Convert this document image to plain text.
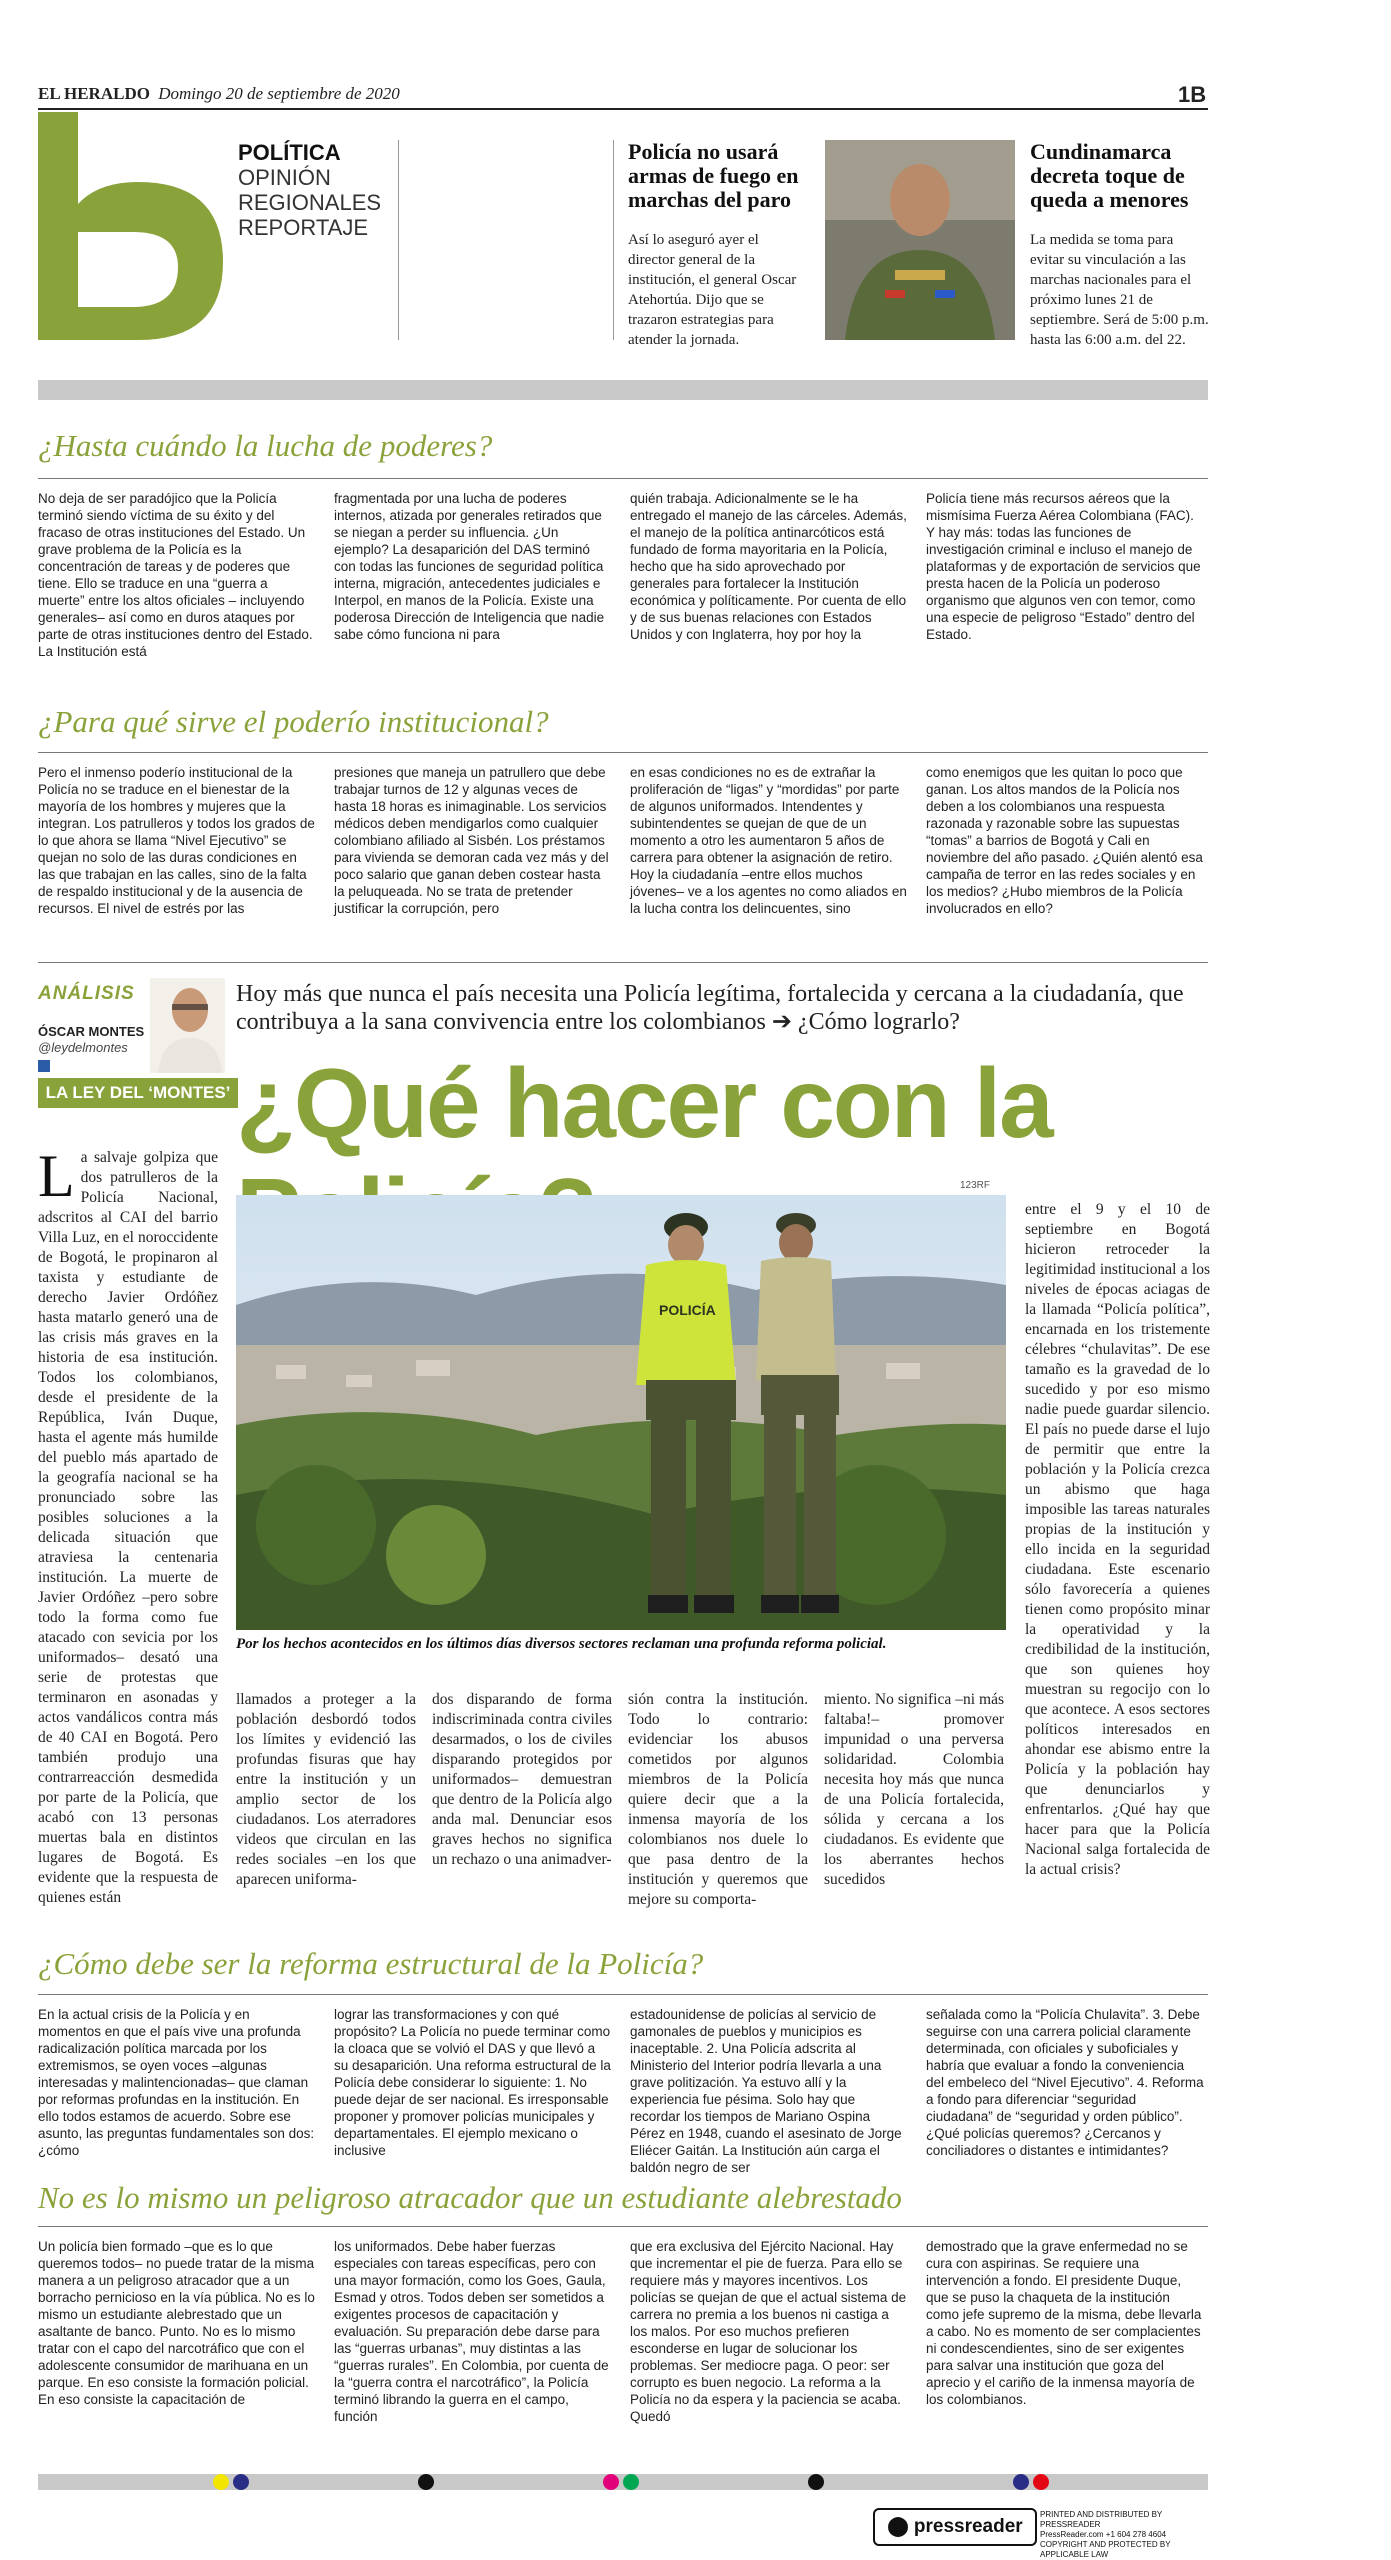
EL HERALDO Domingo 20 de septiembre de 2020	1B
POLÍTICA
OPINIÓN
REGIONALES
REPORTAJE
Policía no usará armas de fuego en marchas del paro
Así lo aseguró ayer el director general de la institución, el general Oscar Atehortúa. Dijo que se trazaron estrategias para atender la jornada.
Cundinamarca decreta toque de queda a menores
La medida se toma para evitar su vinculación a las marchas nacionales para el próximo lunes 21 de septiembre. Será de 5:00 p.m. hasta las 6:00 a.m. del 22.
¿Hasta cuándo la lucha de poderes?
No deja de ser paradójico que la Policía terminó siendo víctima de su éxito y del fracaso de otras instituciones del Estado. Un grave problema de la Policía es la concentración de tareas y de poderes que tiene. Ello se traduce en una “guerra a muerte” entre los altos oficiales – incluyendo generales– así como en duros ataques por parte de otras instituciones dentro del Estado. La Institución está
fragmentada por una lucha de poderes internos, atizada por generales retirados que se niegan a perder su influencia. ¿Un ejemplo? La desaparición del DAS terminó con todas las funciones de seguridad política interna, migración, antecedentes judiciales e Interpol, en manos de la Policía. Existe una poderosa Dirección de Inteligencia que nadie sabe cómo funciona ni para
quién trabaja. Adicionalmente se le ha entregado el manejo de las cárceles. Además, el manejo de la política antinarcóticos está fundado de forma mayoritaria en la Policía, hecho que ha sido aprovechado por generales para fortalecer la Institución económica y políticamente. Por cuenta de ello y de sus buenas relaciones con Estados Unidos y con Inglaterra, hoy por hoy la
Policía tiene más recursos aéreos que la mismísima Fuerza Aérea Colombiana (FAC). Y hay más: todas las funciones de investigación criminal e incluso el manejo de plataformas y de exportación de servicios que presta hacen de la Policía un poderoso organismo que algunos ven con temor, como una especie de peligroso “Estado” dentro del Estado.
¿Para qué sirve el poderío institucional?
Pero el inmenso poderío institucional de la Policía no se traduce en el bienestar de la mayoría de los hombres y mujeres que la integran. Los patrulleros y todos los grados de lo que ahora se llama “Nivel Ejecutivo” se quejan no solo de las duras condiciones en las que trabajan en las calles, sino de la falta de respaldo institucional y de la ausencia de recursos. El nivel de estrés por las
presiones que maneja un patrullero que debe trabajar turnos de 12 y algunas veces de hasta 18 horas es inimaginable. Los servicios médicos deben mendigarlos como cualquier colombiano afiliado al Sisbén. Los préstamos para vivienda se demoran cada vez más y del poco salario que ganan deben costear hasta la peluqueada. No se trata de pretender justificar la corrupción, pero
en esas condiciones no es de extrañar la proliferación de “ligas” y “mordidas” por parte de algunos uniformados. Intendentes y subintendentes se quejan de que de un momento a otro les aumentaron 5 años de carrera para obtener la asignación de retiro. Hoy la ciudadanía –entre ellos muchos jóvenes– ve a los agentes no como aliados en la lucha contra los delincuentes, sino
como enemigos que les quitan lo poco que ganan. Los altos mandos de la Policía nos deben a los colombianos una respuesta razonada y razonable sobre las supuestas “tomas” a barrios de Bogotá y Cali en noviembre del año pasado. ¿Quién alentó esa campaña de terror en las redes sociales y en los medios? ¿Hubo miembros de la Policía involucrados en ello?
ANÁLISIS
ÓSCAR MONTES
@leydelmontes
LA LEY DEL ‘MONTES’
Hoy más que nunca el país necesita una Policía legítima, fortalecida y cercana a la ciudadanía, que contribuya a la sana convivencia entre los colombianos ➔ ¿Cómo lograrlo?
¿Qué hacer con la
L a salvaje golpiza que dos patrulleros de la Policía Nacional, adscritos al CAI del barrio Villa Luz, en el noroccidente de Bogotá, le propinaron al taxista y estudiante de derecho Javier Ordóñez hasta matarlo generó una de las crisis más graves en la historia de esa institución. Todos los colombianos, desde el presidente de la República, Iván Duque, hasta el agente más humilde del pueblo más apartado de la geografía nacional se ha pronunciado sobre las posibles soluciones a la delicada situación que atraviesa la centenaria institución. La muerte de Javier Ordóñez –pero sobre todo la forma como fue atacado con sevicia por los uniformados– desató una serie de protestas que terminaron en asonadas y actos vandálicos contra más de 40 CAI en Bogotá. Pero también produjo una contrarreacción desmedida por parte de la Policía, que acabó con 13 personas muertas bala en distintos lugares de Bogotá. Es evidente que la respuesta de quienes están
123RF
POLICÍA
Por los hechos acontecidos en los últimos días diversos sectores reclaman una profunda reforma policial.
entre el 9 y el 10 de septiembre en Bogotá hicieron retroceder la legitimidad institucional a los niveles de épocas aciagas de la llamada “Policía política”, encarnada en los tristemente célebres “chulavitas”. De ese tamaño es la gravedad de lo sucedido y por eso mismo nadie puede guardar silencio. El país no puede darse el lujo de permitir que entre la población y la Policía crezca un abismo que haga imposible las tareas naturales propias de la institución y ello incida en la seguridad ciudadana. Este escenario sólo favorecería a quienes tienen como propósito minar la operatividad y la credibilidad de la institución, que son quienes hoy muestran su regocijo con lo que acontece. A esos sectores políticos interesados en ahondar ese abismo entre la Policía y la población hay que denunciarlos y enfrentarlos. ¿Qué hay que hacer para que la Policía Nacional salga fortalecida de la actual crisis?
llamados a proteger a la población desbordó todos los límites y evidenció las profundas fisuras que hay entre la institución y un amplio sector de los ciudadanos. Los aterradores videos que circulan en las redes sociales –en los que aparecen uniforma-
dos disparando de forma indiscriminada contra civiles desarmados, o los de civiles disparando protegidos por uniformados– demuestran que dentro de la Policía algo anda mal. Denunciar esos graves hechos no significa un rechazo o una animadver-
sión contra la institución. Todo lo contrario: evidenciar los abusos cometidos por algunos miembros de la Policía quiere decir que a la inmensa mayoría de los colombianos nos duele lo que pasa dentro de la institución y queremos que mejore su comporta-
miento. No significa –ni más faltaba!– promover impunidad o una perversa solidaridad. Colombia necesita hoy más que nunca de una Policía fortalecida, sólida y cercana a los ciudadanos. Es evidente que los aberrantes hechos sucedidos
¿Cómo debe ser la reforma estructural de la Policía?
En la actual crisis de la Policía y en momentos en que el país vive una profunda radicalización política marcada por los extremismos, se oyen voces –algunas interesadas y malintencionadas– que claman por reformas profundas en la institución. En ello todos estamos de acuerdo. Sobre ese asunto, las preguntas fundamentales son dos: ¿cómo
lograr las transformaciones y con qué propósito? La Policía no puede terminar como la cloaca que se volvió el DAS y que llevó a su desaparición. Una reforma estructural de la Policía debe considerar lo siguiente: 1. No puede dejar de ser nacional. Es irresponsable proponer y promover policías municipales y departamentales. El ejemplo mexicano o inclusive
estadounidense de policías al servicio de gamonales de pueblos y municipios es inaceptable. 2. Una Policía adscrita al Ministerio del Interior podría llevarla a una grave politización. Ya estuvo allí y la experiencia fue pésima. Solo hay que recordar los tiempos de Mariano Ospina Pérez en 1948, cuando el asesinato de Jorge Eliécer Gaitán. La Institución aún carga el baldón negro de ser
señalada como la “Policía Chulavita”. 3. Debe seguirse con una carrera policial claramente determinada, con oficiales y suboficiales y habría que evaluar a fondo la conveniencia del embeleco del “Nivel Ejecutivo”. 4. Reforma a fondo para diferenciar “seguridad ciudadana” de “seguridad y orden público”. ¿Qué policías queremos? ¿Cercanos y conciliadores o distantes e intimidantes?
No es lo mismo un peligroso atracador que un estudiante alebrestado
Un policía bien formado –que es lo que queremos todos– no puede tratar de la misma manera a un peligroso atracador que a un borracho pernicioso en la vía pública. No es lo mismo un estudiante alebrestado que un asaltante de banco. Punto. No es lo mismo tratar con el capo del narcotráfico que con el adolescente consumidor de marihuana en un parque. En eso consiste la formación policial. En eso consiste la capacitación de
los uniformados. Debe haber fuerzas especiales con tareas específicas, pero con una mayor formación, como los Goes, Gaula, Esmad y otros. Todos deben ser sometidos a exigentes procesos de capacitación y evaluación. Su preparación debe darse para las “guerras urbanas”, muy distintas a las “guerras rurales”. En Colombia, por cuenta de la “guerra contra el narcotráfico”, la Policía terminó librando la guerra en el campo, función
que era exclusiva del Ejército Nacional. Hay que incrementar el pie de fuerza. Para ello se requiere más y mayores incentivos. Los policías se quejan de que el actual sistema de carrera no premia a los buenos ni castiga a los malos. Por eso muchos prefieren esconderse en lugar de solucionar los problemas. Ser mediocre paga. O peor: ser corrupto es buen negocio. La reforma a la Policía no da espera y la paciencia se acaba. Quedó
demostrado que la grave enfermedad no se cura con aspirinas. Se requiere una intervención a fondo. El presidente Duque, que se puso la chaqueta de la institución como jefe supremo de la misma, debe llevarla a cabo. No es momento de ser complacientes ni condescendientes, sino de ser exigentes para salvar una institución que goza del aprecio y el cariño de la inmensa mayoría de los colombianos.
⬤ pressreader
PRINTED AND DISTRIBUTED BY PRESSREADER
PressReader.com +1 604 278 4604
COPYRIGHT AND PROTECTED BY APPLICABLE LAW
